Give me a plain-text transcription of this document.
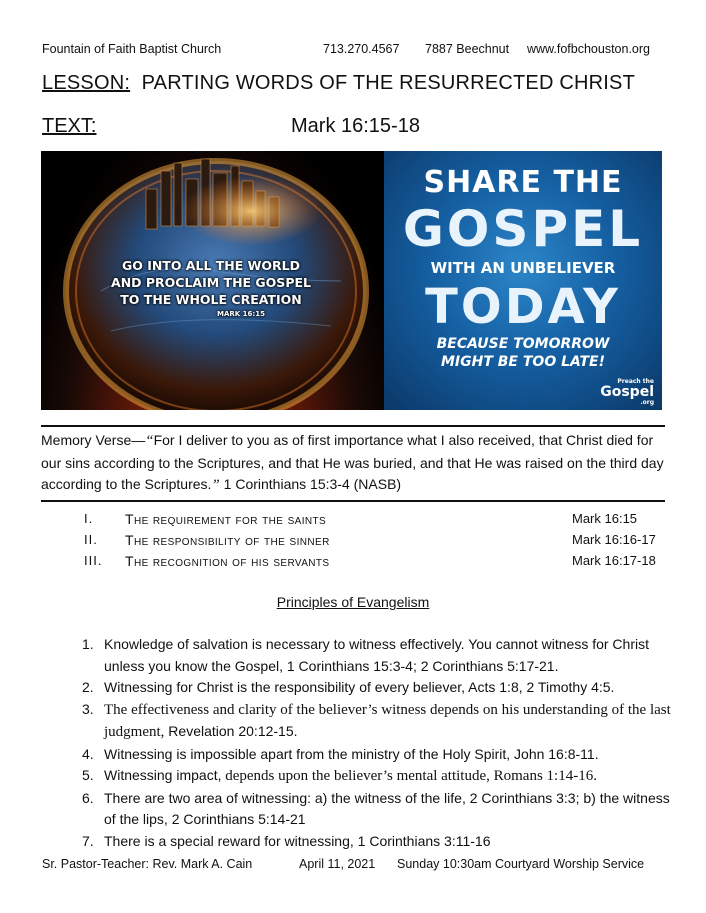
Fountain of Faith Baptist Church	713.270.4567 7887 Beechnut www.fofbchouston.org
LESSON: PARTING WORDS OF THE RESURRECTED CHRIST
TEXT:	Mark 16:15-18
GO INTO ALL THE WORLD
AND PROCLAIM THE GOSPEL
TO THE WHOLE CREATION
MARK 16:15
SHARE THE
GOSPEL
WITH AN UNBELIEVER
TODAY
BECAUSE TOMORROW
MIGHT BE TOO LATE!
Preach the
Gospel
.org
Memory Verse—“For I deliver to you as of first importance what I also received, that Christ died for our sins according to the Scriptures, and that He was buried, and that He was raised on the third day according to the Scriptures.” 1 Corinthians 15:3-4 (NASB)
I.	The requirement for the saints	Mark 16:15
II.	The responsibility of the sinner	Mark 16:16-17
III.	The recognition of his servants	Mark 16:17-18
Principles of Evangelism
1. Knowledge of salvation is necessary to witness effectively. You cannot witness for Christ unless you know the Gospel, 1 Corinthians 15:3-4; 2 Corinthians 5:17-21.
2. Witnessing for Christ is the responsibility of every believer, Acts 1:8, 2 Timothy 4:5.
3. The effectiveness and clarity of the believer’s witness depends on his understanding of the last judgment, Revelation 20:12-15.
4. Witnessing is impossible apart from the ministry of the Holy Spirit, John 16:8-11.
5. Witnessing impact, depends upon the believer’s mental attitude, Romans 1:14-16.
6. There are two area of witnessing: a) the witness of the life, 2 Corinthians 3:3; b) the witness of the lips, 2 Corinthians 5:14-21
7. There is a special reward for witnessing, 1 Corinthians 3:11-16
Sr. Pastor-Teacher: Rev. Mark A. Cain	April 11, 2021 Sunday 10:30am Courtyard Worship Service
